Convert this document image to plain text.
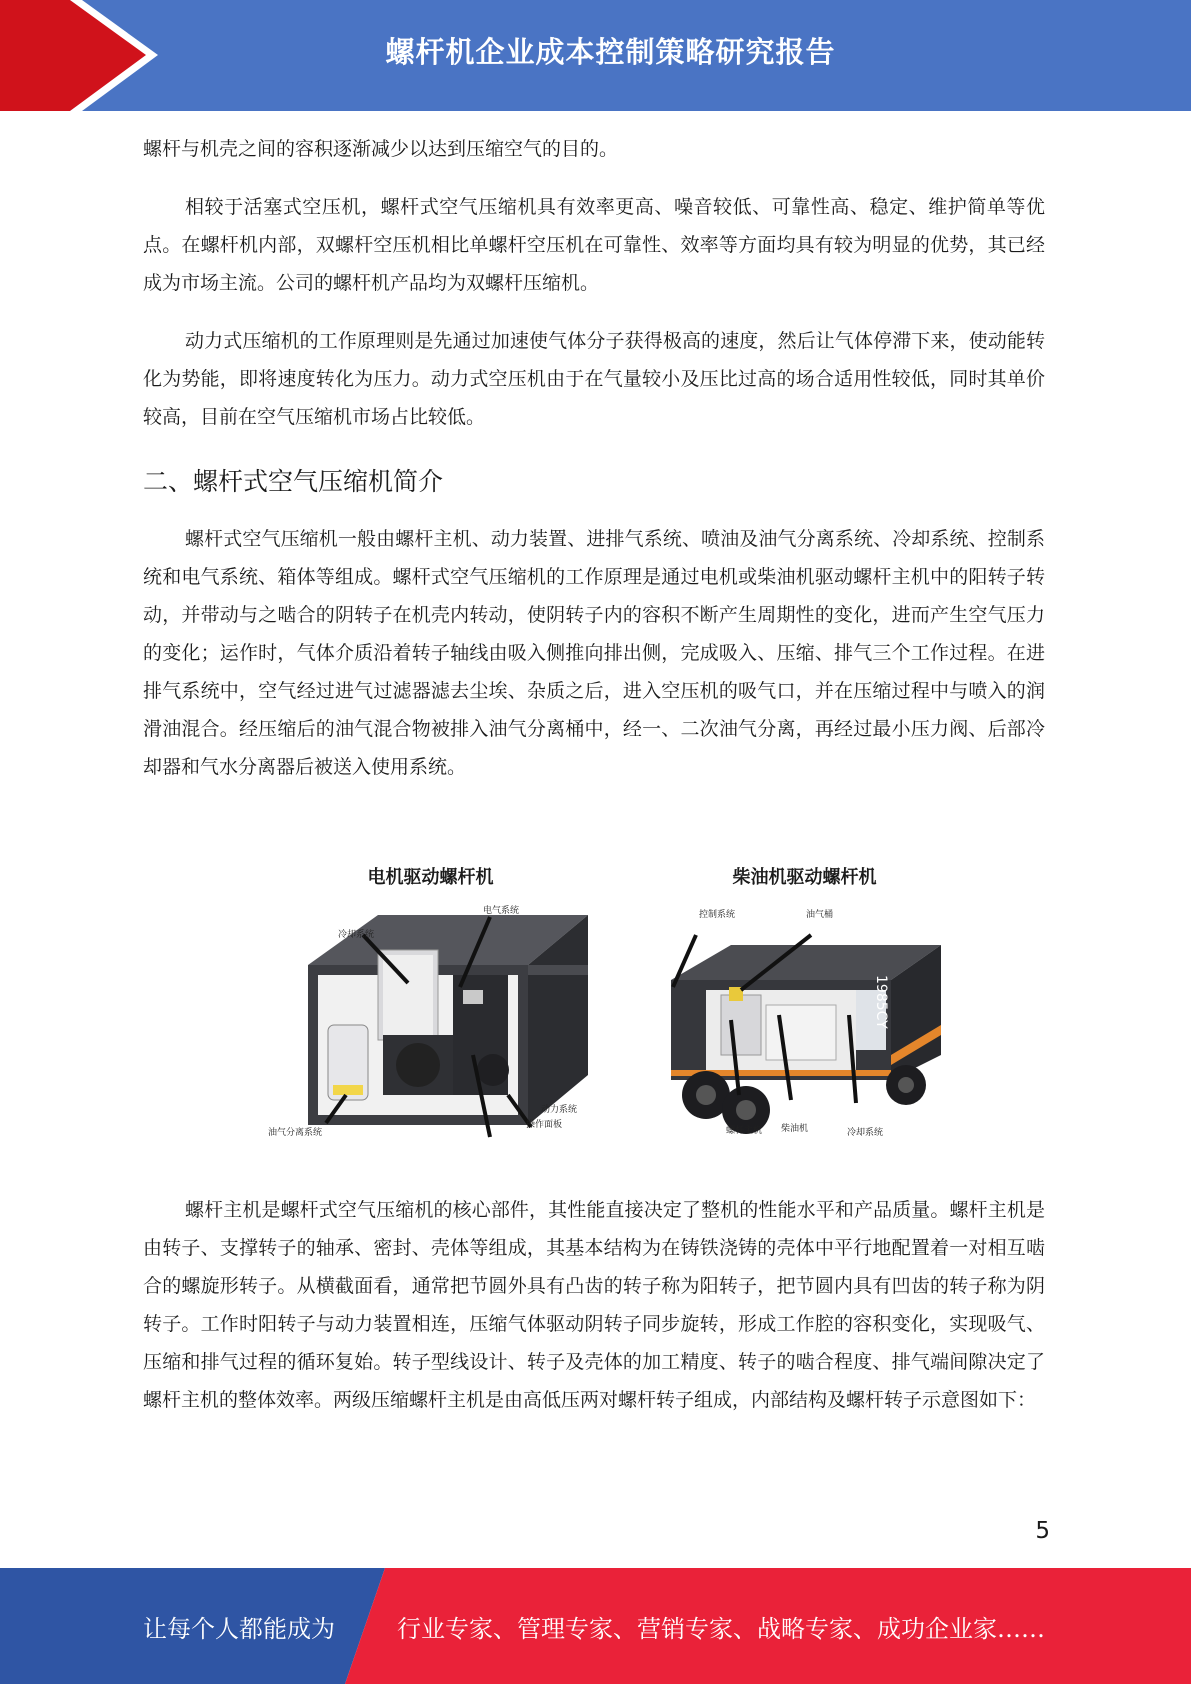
螺杆机企业成本控制策略研究报告

螺杆与机壳之间的容积逐渐减少以达到压缩空气的目的。

相较于活塞式空压机，螺杆式空气压缩机具有效率更高、噪音较低、可靠性高、稳定、维护简单等优点。在螺杆机内部，双螺杆空压机相比单螺杆空压机在可靠性、效率等方面均具有较为明显的优势，其已经成为市场主流。公司的螺杆机产品均为双螺杆压缩机。

动力式压缩机的工作原理则是先通过加速使气体分子获得极高的速度，然后让气体停滞下来，使动能转化为势能，即将速度转化为压力。动力式空压机由于在气量较小及压比过高的场合适用性较低，同时其单价较高，目前在空气压缩机市场占比较低。

二、螺杆式空气压缩机简介

螺杆式空气压缩机一般由螺杆主机、动力装置、进排气系统、喷油及油气分离系统、冷却系统、控制系统和电气系统、箱体等组成。螺杆式空气压缩机的工作原理是通过电机或柴油机驱动螺杆主机中的阳转子转动，并带动与之啮合的阴转子在机壳内转动，使阴转子内的容积不断产生周期性的变化，进而产生空气压力的变化；运作时，气体介质沿着转子轴线由吸入侧推向排出侧，完成吸入、压缩、排气三个工作过程。在进排气系统中，空气经过进气过滤器滤去尘埃、杂质之后，进入空压机的吸气口，并在压缩过程中与喷入的润滑油混合。经压缩后的油气混合物被排入油气分离桶中，经一、二次油气分离，再经过最小压力阀、后部冷却器和气水分离器后被送入使用系统。

电机驱动螺杆机
冷却系统
电气系统
动力系统
操作面板
油气分离系统
柴油机驱动螺杆机
控制系统	油气桶
螺杆主机 柴油机	冷却系统
1985CY

螺杆主机是螺杆式空气压缩机的核心部件，其性能直接决定了整机的性能水平和产品质量。螺杆主机是由转子、支撑转子的轴承、密封、壳体等组成，其基本结构为在铸铁浇铸的壳体中平行地配置着一对相互啮合的螺旋形转子。从横截面看，通常把节圆外具有凸齿的转子称为阳转子，把节圆内具有凹齿的转子称为阴转子。工作时阳转子与动力装置相连，压缩气体驱动阴转子同步旋转，形成工作腔的容积变化，实现吸气、压缩和排气过程的循环复始。转子型线设计、转子及壳体的加工精度、转子的啮合程度、排气端间隙决定了螺杆主机的整体效率。两级压缩螺杆主机是由高低压两对螺杆转子组成，内部结构及螺杆转子示意图如下：

5
让每个人都能成为	行业专家、管理专家、营销专家、战略专家、成功企业家……
